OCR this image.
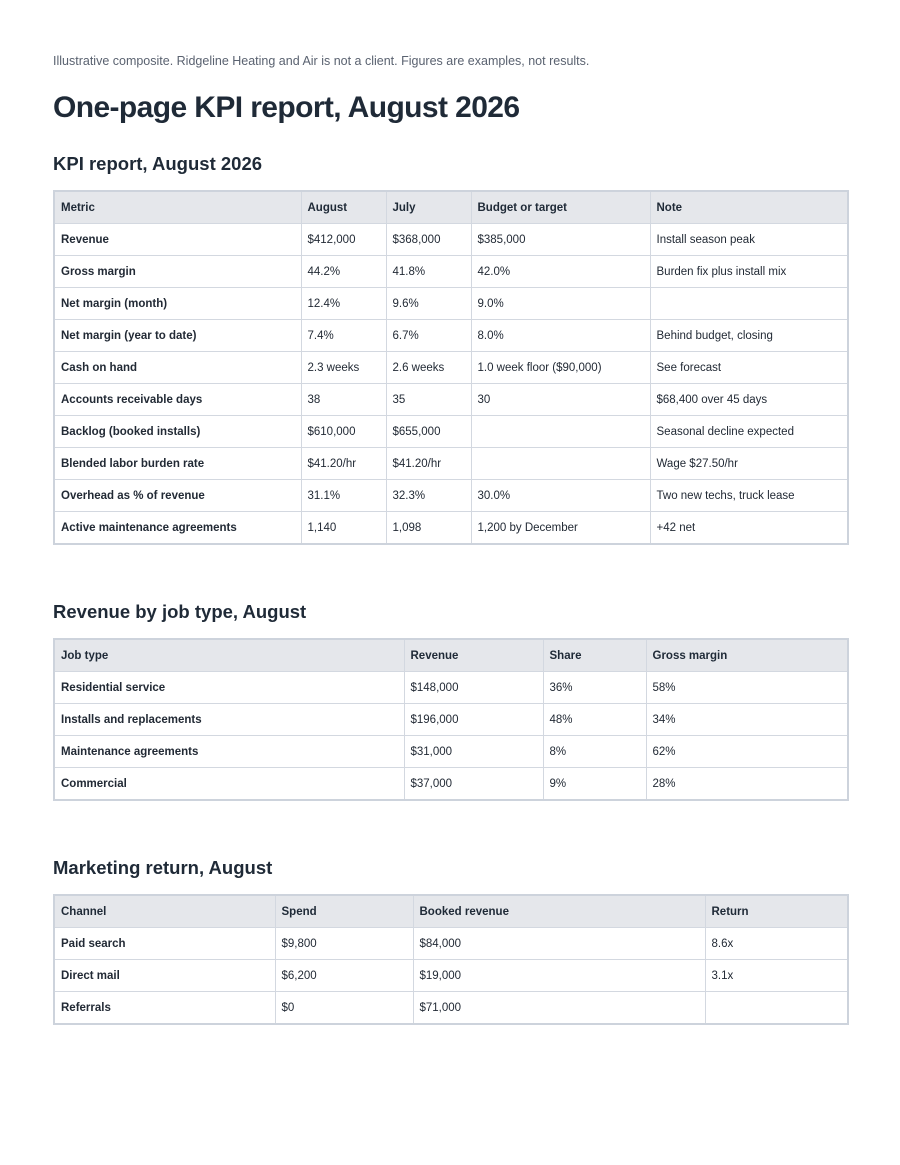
Illustrative composite. Ridgeline Heating and Air is not a client. Figures are examples, not results.

One-page KPI report, August 2026
KPI report, August 2026
Metric	August	July	Budget or target	Note
Revenue	$412,000	$368,000	$385,000	Install season peak
Gross margin	44.2%	41.8%	42.0%	Burden fix plus install mix
Net margin (month)	12.4%	9.6%	9.0%	
Net margin (year to date)	7.4%	6.7%	8.0%	Behind budget, closing
Cash on hand	2.3 weeks	2.6 weeks	1.0 week floor ($90,000)	See forecast
Accounts receivable days	38	35	30	$68,400 over 45 days
Backlog (booked installs)	$610,000	$655,000		Seasonal decline expected
Blended labor burden rate	$41.20/hr	$41.20/hr		Wage $27.50/hr
Overhead as % of revenue	31.1%	32.3%	30.0%	Two new techs, truck lease
Active maintenance agreements	1,140	1,098	1,200 by December	+42 net
Revenue by job type, August
Job type	Revenue	Share	Gross margin
Residential service	$148,000	36%	58%
Installs and replacements	$196,000	48%	34%
Maintenance agreements	$31,000	8%	62%
Commercial	$37,000	9%	28%
Marketing return, August
Channel	Spend	Booked revenue	Return
Paid search	$9,800	$84,000	8.6x
Direct mail	$6,200	$19,000	3.1x
Referrals	$0	$71,000	
